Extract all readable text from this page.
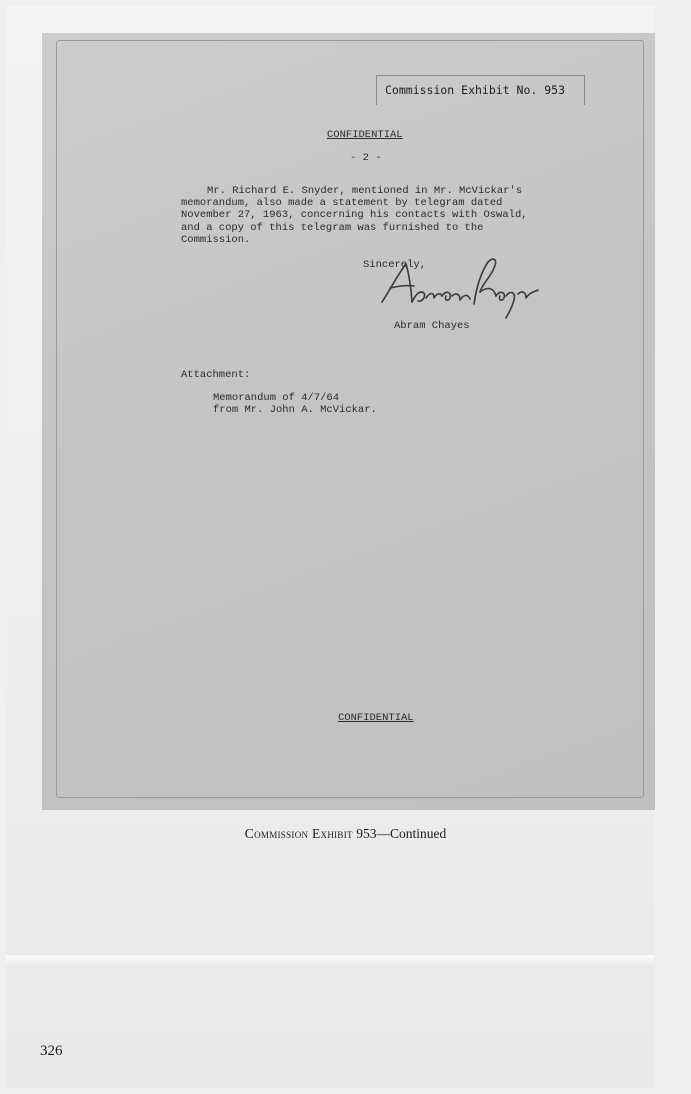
Commission Exhibit No. 953
CONFIDENTIAL
- 2 -
Mr. Richard E. Snyder, mentioned in Mr. McVickar's
memorandum, also made a statement by telegram dated
November 27, 1963, concerning his contacts with Oswald,
and a copy of this telegram was furnished to the
Commission.
Sincerely,
Abram Chayes
Attachment:
Memorandum of 4/7/64
from Mr. John A. McVickar.
CONFIDENTIAL
Commission Exhibit 953—Continued
326
